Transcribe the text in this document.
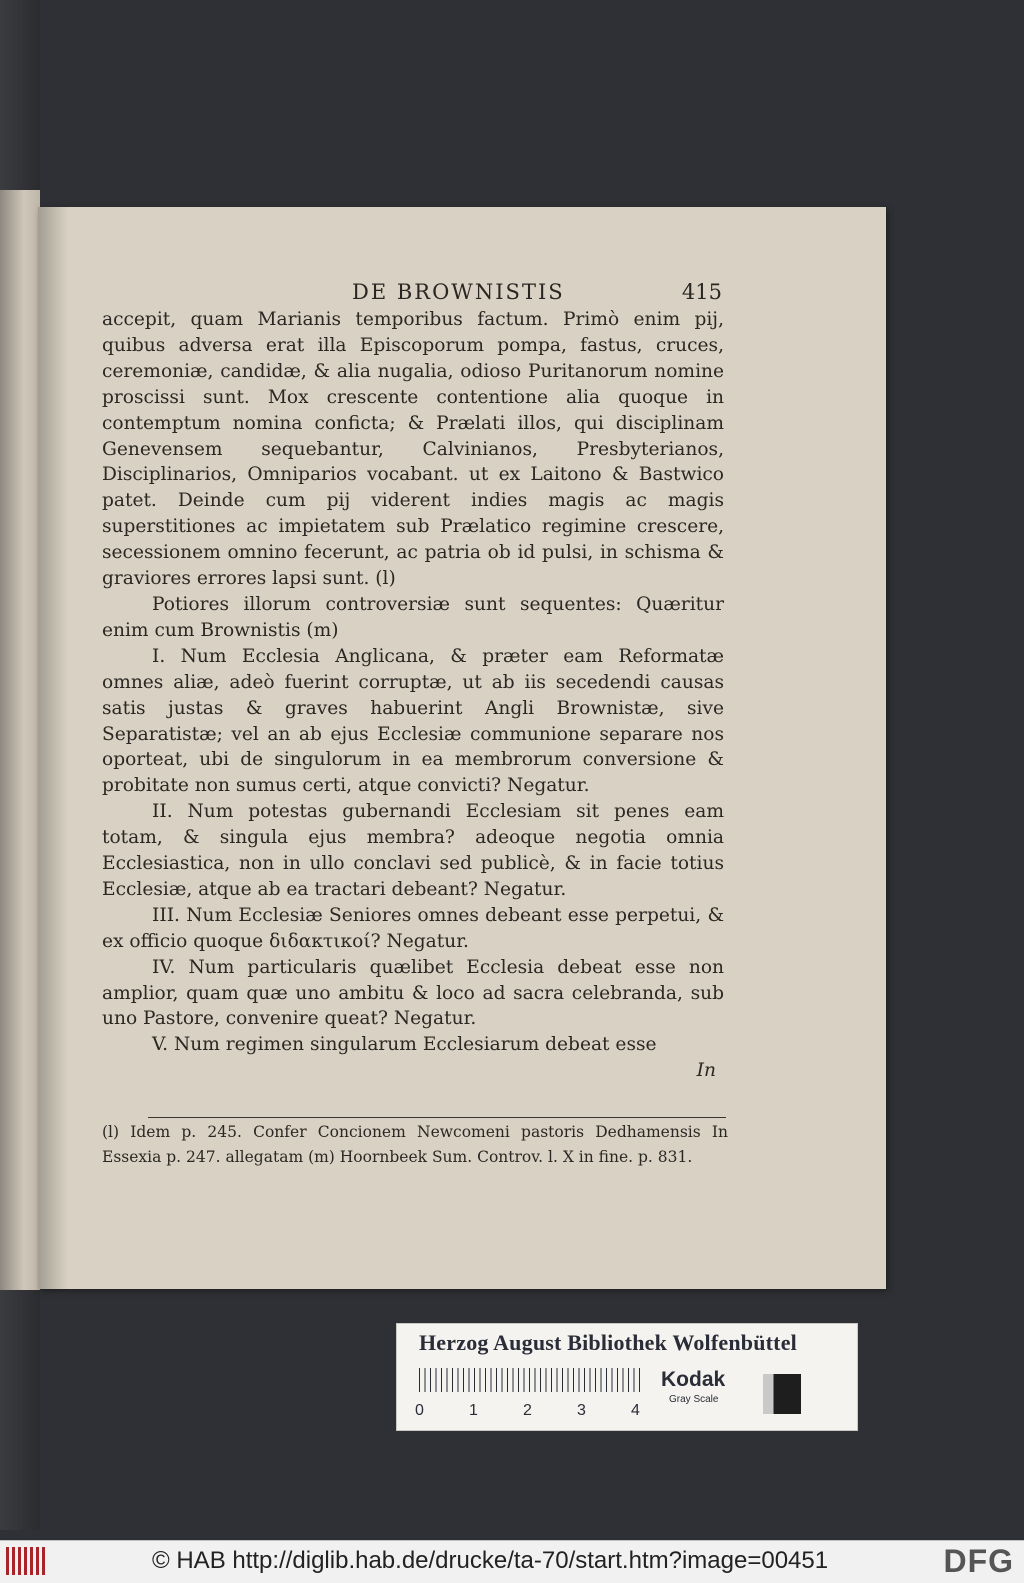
DE BROWNISTIS	415

accepit, quam Marianis temporibus factum. Primò enim pij, quibus adversa erat illa Episcoporum pompa, fastus, cruces, ceremoniæ, candidæ, & alia nugalia, odioso Puritanorum nomine proscissi sunt. Mox crescente contentione alia quoque in contemptum nomina conficta; & Prælati illos, qui disciplinam Genevensem sequebantur, Calvinianos, Presbyterianos, Disciplinarios, Omniparios vocabant. ut ex Laitono & Bastwico patet. Deinde cum pij viderent indies magis ac magis superstitiones ac impietatem sub Prælatico regimine crescere, secessionem omnino fecerunt, ac patria ob id pulsi, in schisma & graviores errores lapsi sunt. (l)

Potiores illorum controversiæ sunt sequentes: Quæritur enim cum Brownistis (m)

I. Num Ecclesia Anglicana, & præter eam Reformatæ omnes aliæ, adeò fuerint corruptæ, ut ab iis secedendi causas satis justas & graves habuerint Angli Brownistæ, sive Separatistæ; vel an ab ejus Ecclesiæ communione separare nos oporteat, ubi de singulorum in ea membrorum conversione & probitate non sumus certi, atque convicti? Negatur.

II. Num potestas gubernandi Ecclesiam sit penes eam totam, & singula ejus membra? adeoque negotia omnia Ecclesiastica, non in ullo conclavi sed publicè, & in facie totius Ecclesiæ, atque ab ea tractari debeant? Negatur.

III. Num Ecclesiæ Seniores omnes debeant esse perpetui, & ex officio quoque διδακτικοί? Negatur.

IV. Num particularis quælibet Ecclesia debeat esse non amplior, quam quæ uno ambitu & loco ad sacra celebranda, sub uno Pastore, convenire queat? Negatur.

V. Num regimen singularum Ecclesiarum debeat esse

In

(l) Idem p. 245. Confer Concionem Newcomeni pastoris Dedhamensis In Essexia p. 247. allegatam (m) Hoornbeek Sum. Controv. l. X in fine. p. 831.
Herzog August Bibliothek Wolfenbüttel
0	1	2	3	4
Kodak
Gray Scale
© HAB http://diglib.hab.de/drucke/ta-70/start.htm?image=00451	DFG
